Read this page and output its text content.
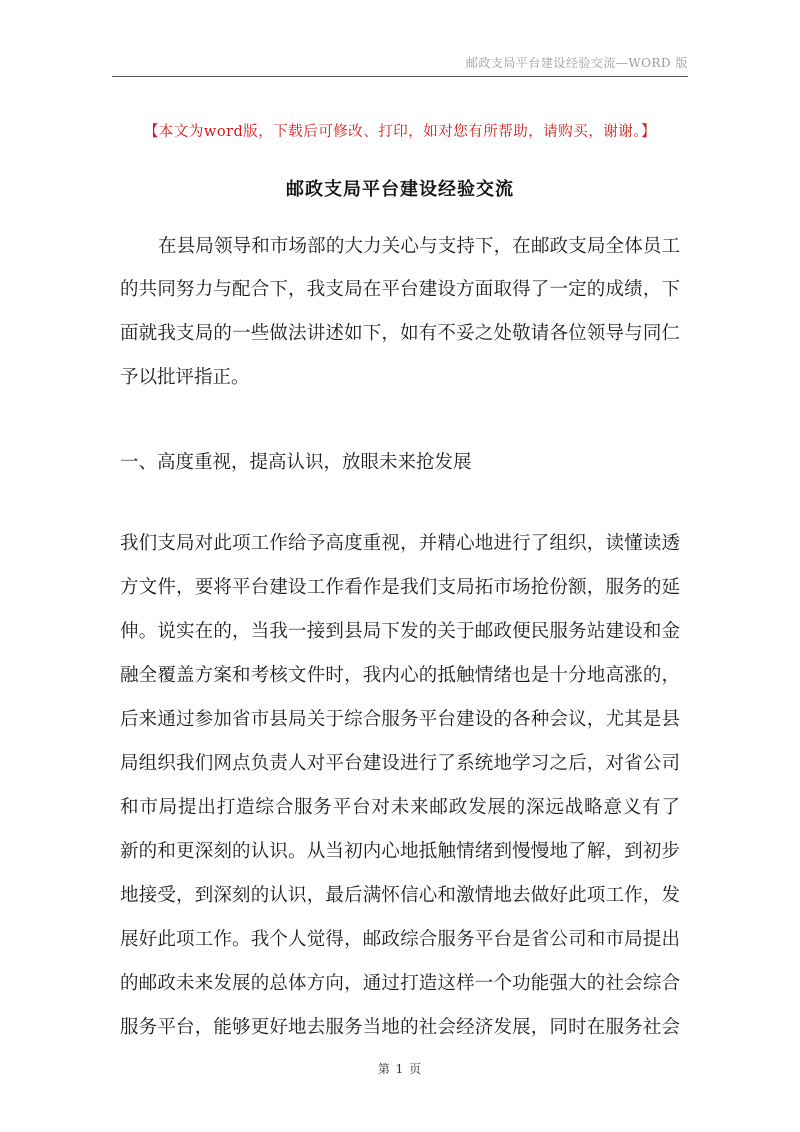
邮政支局平台建设经验交流—WORD 版
【本文为word版，下载后可修改、打印，如对您有所帮助，请购买，谢谢。】
邮政支局平台建设经验交流
在县局领导和市场部的大力关心与支持下，在邮政支局全体员工
的共同努力与配合下，我支局在平台建设方面取得了一定的成绩，下
面就我支局的一些做法讲述如下，如有不妥之处敬请各位领导与同仁
予以批评指正。
一、高度重视，提高认识，放眼未来抢发展
我们支局对此项工作给予高度重视，并精心地进行了组织，读懂读透
方文件，要将平台建设工作看作是我们支局拓市场抢份额，服务的延
伸。说实在的，当我一接到县局下发的关于邮政便民服务站建设和金
融全覆盖方案和考核文件时，我内心的抵触情绪也是十分地高涨的，
后来通过参加省市县局关于综合服务平台建设的各种会议，尤其是县
局组织我们网点负责人对平台建设进行了系统地学习之后，对省公司
和市局提出打造综合服务平台对未来邮政发展的深远战略意义有了
新的和更深刻的认识。从当初内心地抵触情绪到慢慢地了解，到初步
地接受，到深刻的认识，最后满怀信心和激情地去做好此项工作，发
展好此项工作。我个人觉得，邮政综合服务平台是省公司和市局提出
的邮政未来发展的总体方向，通过打造这样一个功能强大的社会综合
服务平台，能够更好地去服务当地的社会经济发展，同时在服务社会
第 1 页
